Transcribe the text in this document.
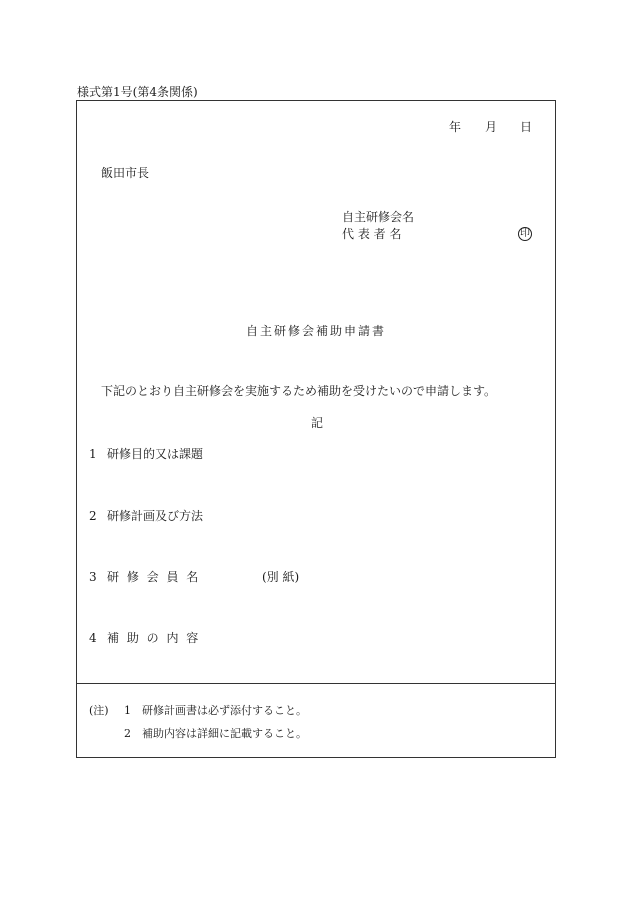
様式第1号(第4条関係)
年 月 日
飯田市長
自主研修会名
代 表 者 名	印
自主研修会補助申請書
下記のとおり自主研修会を実施するため補助を受けたいので申請します。
記
1 研修目的又は課題
2 研修計画及び方法
3 研 修 会 員 名	(別 紙)
4 補 助 の 内 容
(注) 1 研修計画書は必ず添付すること。
2 補助内容は詳細に記載すること。
